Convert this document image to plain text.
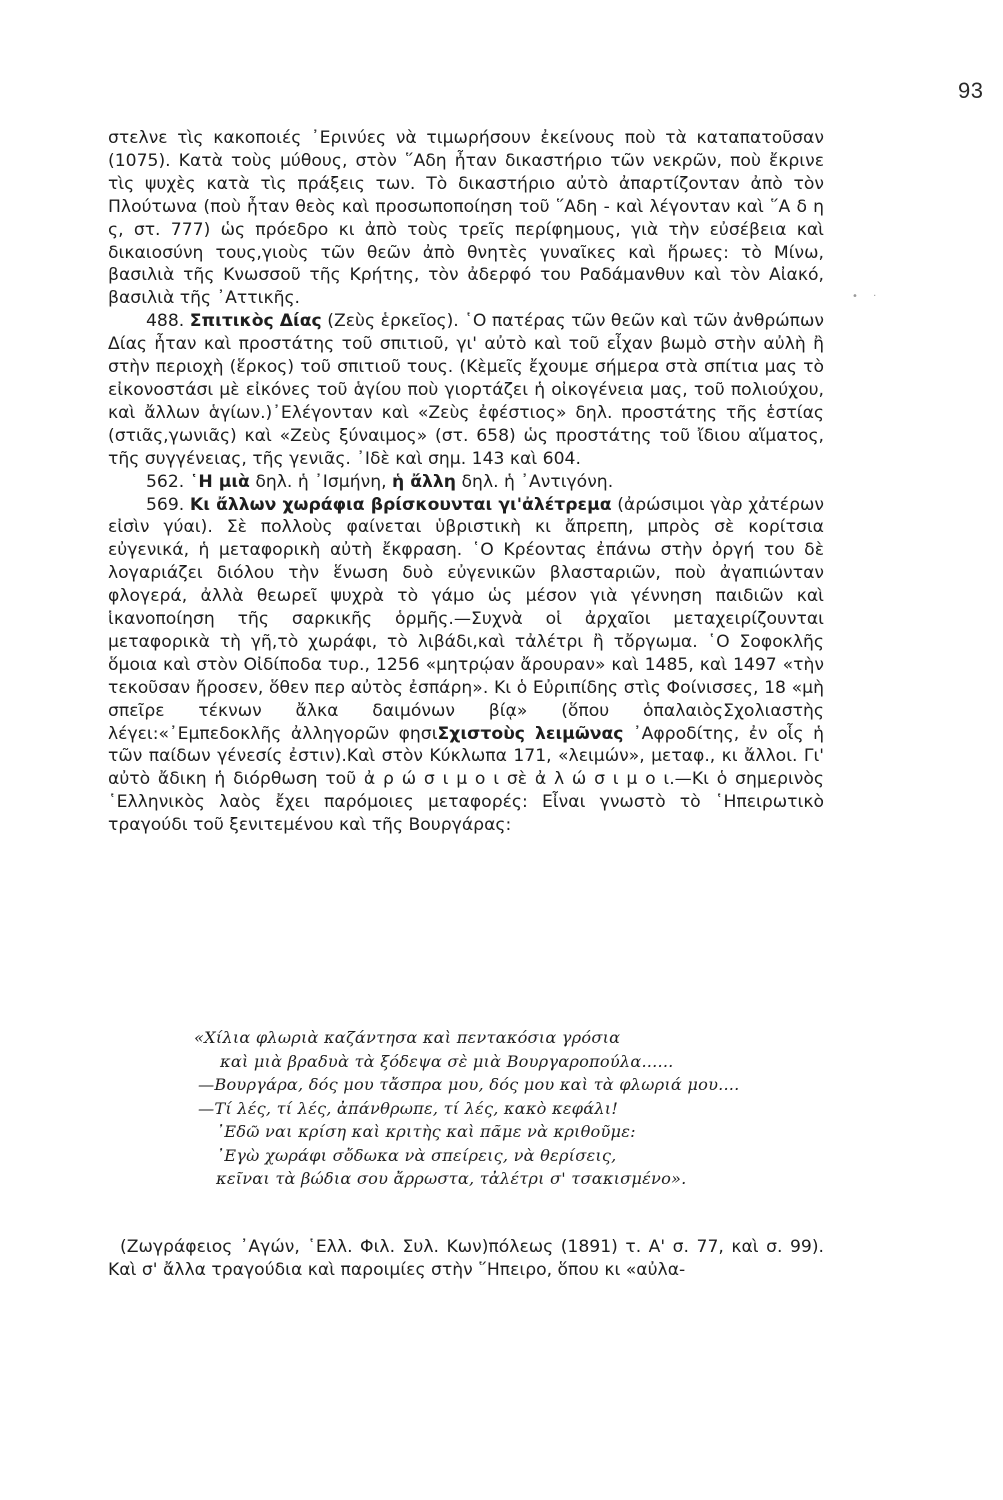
93
• ·

στελνε τὶς κακοποιές ᾿Ερινύες νὰ τιμωρήσουν ἐκείνους ποὺ τὰ καταπατοῦσαν (1075). Κατὰ τοὺς μύθους, στὸν ῞Αδη ἦταν δικαστήριο τῶν νεκρῶν, ποὺ ἔκρινε τὶς ψυχὲς κατὰ τὶς πράξεις των. Τὸ δικαστήριο αὐτὸ ἀπαρτίζονταν ἀπὸ τὸν Πλούτωνα (ποὺ ἦταν θεὸς καὶ προσωποποίηση τοῦ ῞Αδη - καὶ λέγονταν καὶ ῞Α δ η ς, στ. 777) ὡς πρόεδρο κι ἀπὸ τοὺς τρεῖς περίφημους, γιὰ τὴν εὐσέβεια καὶ δικαιοσύνη τους,γιοὺς τῶν θεῶν ἀπὸ θνητὲς γυναῖκες καὶ ἥρωες: τὸ Μίνω, βασιλιὰ τῆς Κνωσσοῦ τῆς Κρήτης, τὸν ἀδερφό του Ραδάμανθυν καὶ τὸν Αἰακό, βασιλιὰ τῆς ᾿Αττικῆς.

488. Σπιτικὸς Δίας (Ζεὺς ἑρκεῖος). ῾Ο πατέρας τῶν θεῶν καὶ τῶν ἀνθρώπων Δίας ἦταν καὶ προστάτης τοῦ σπιτιοῦ, γι' αὐτὸ καὶ τοῦ εἶχαν βωμὸ στὴν αὐλὴ ἢ στὴν περιοχὴ (ἕρκος) τοῦ σπιτιοῦ τους. (Κὲμεῖς ἔχουμε σήμερα στὰ σπίτια μας τὸ εἰκονοστάσι μὲ εἰκόνες τοῦ ἁγίου ποὺ γιορτάζει ἡ οἰκογένεια μας, τοῦ πολιούχου, καὶ ἄλλων ἁγίων.)᾿Ελέγονταν καὶ «Ζεὺς ἐφέστιος» δηλ. προστάτης τῆς ἑστίας (στιᾶς,γωνιᾶς) καὶ «Ζεὺς ξύναιμος» (στ. 658) ὡς προστάτης τοῦ ἴδιου αἵματος, τῆς συγγένειας, τῆς γενιᾶς. ᾿Ιδὲ καὶ σημ. 143 καὶ 604.

562. ῾Η μιὰ δηλ. ἡ ᾿Ισμήνη, ἡ ἄλλη δηλ. ἡ ᾿Αντιγόνη.

569. Κι ἄλλων χωράφια βρίσκουνται γι'ἀλέτρεμα (ἀρώσιμοι γὰρ χἀτέρων εἰσὶν γύαι). Σὲ πολλοὺς φαίνεται ὑβριστικὴ κι ἄπρεπη, μπρὸς σὲ κορίτσια εὐγενικά, ἡ μεταφορικὴ αὐτὴ ἔκφραση. ῾Ο Κρέοντας ἐπάνω στὴν ὀργή του δὲ λογαριάζει διόλου τὴν ἕνωση δυὸ εὐγενικῶν βλασταριῶν, ποὺ ἀγαπιώνταν φλογερά, ἀλλὰ θεωρεῖ ψυχρὰ τὸ γάμο ὡς μέσον γιὰ γέννηση παιδιῶν καὶ ἱκανοποίηση τῆς σαρκικῆς ὁρμῆς.—Συχνὰ οἱ ἀρχαῖοι μεταχειρίζουνται μεταφορικὰ τὴ γῆ,τὸ χωράφι, τὸ λιβάδι,καὶ τἀλέτρι ἢ τὄργωμα. ῾Ο Σοφοκλῆς ὅμοια καὶ στὸν Οἰδίποδα τυρ., 1256 «μητρῴαν ἄρουραν» καὶ 1485, καὶ 1497 «τὴν τεκοῦσαν ἤροσεν, ὅθεν περ αὐτὸς ἐσπάρη». Κι ὁ Εὐριπίδης στὶς Φοίνισσες, 18 «μὴ σπεῖρε τέκνων ἄλκα δαιμόνων βίᾳ» (ὅπου ὁπαλαιὸςΣχολιαστὴς λέγει:«᾿Εμπεδοκλῆς ἀλληγορῶν φησιΣχιστοὺς λειμῶνας ᾿Αφροδίτης, ἐν οἷς ἡ τῶν παίδων γένεσίς ἐστιν).Καὶ στὸν Κύκλωπα 171, «λειμών», μεταφ., κι ἄλλοι. Γι' αὐτὸ ἄδικη ἡ διόρθωση τοῦ ἀ ρ ώ σ ι μ ο ι σὲ ἀ λ ώ σ ι μ ο ι.—Κι ὁ σημερινὸς ῾Ελληνικὸς λαὸς ἔχει παρόμοιες μεταφορές: Εἶναι γνωστὸ τὸ ῾Ηπειρωτικὸ τραγούδι τοῦ ξενιτεμένου καὶ τῆς Βουργάρας:

«Χίλια φλωριὰ καζάντησα καὶ πεντακόσια γρόσια
καὶ μιὰ βραδυὰ τὰ ξόδεψα σὲ μιὰ Βουργαροπούλα......
—Βουργάρα, δός μου τἄσπρα μου, δός μου καὶ τὰ φλωριά μου....
—Τί λές, τί λές, ἀπάνθρωπε, τί λές, κακὸ κεφάλι!
᾿Εδῶ ναι κρίση καὶ κριτὴς καὶ πᾶμε νὰ κριθοῦμε:
᾿Εγὼ χωράφι σὄδωκα νὰ σπείρεις, νὰ θερίσεις,
κεῖναι τὰ βώδια σου ἄρρωστα, τἀλέτρι σ' τσακισμένο».

(Ζωγράφειος ᾿Αγών, ῾Ελλ. Φιλ. Συλ. Κων)πόλεως (1891) τ. Α' σ. 77, καὶ σ. 99). Καὶ σ' ἄλλα τραγούδια καὶ παροιμίες στὴν ῞Ηπειρο, ὅπου κι «αὐλα-
